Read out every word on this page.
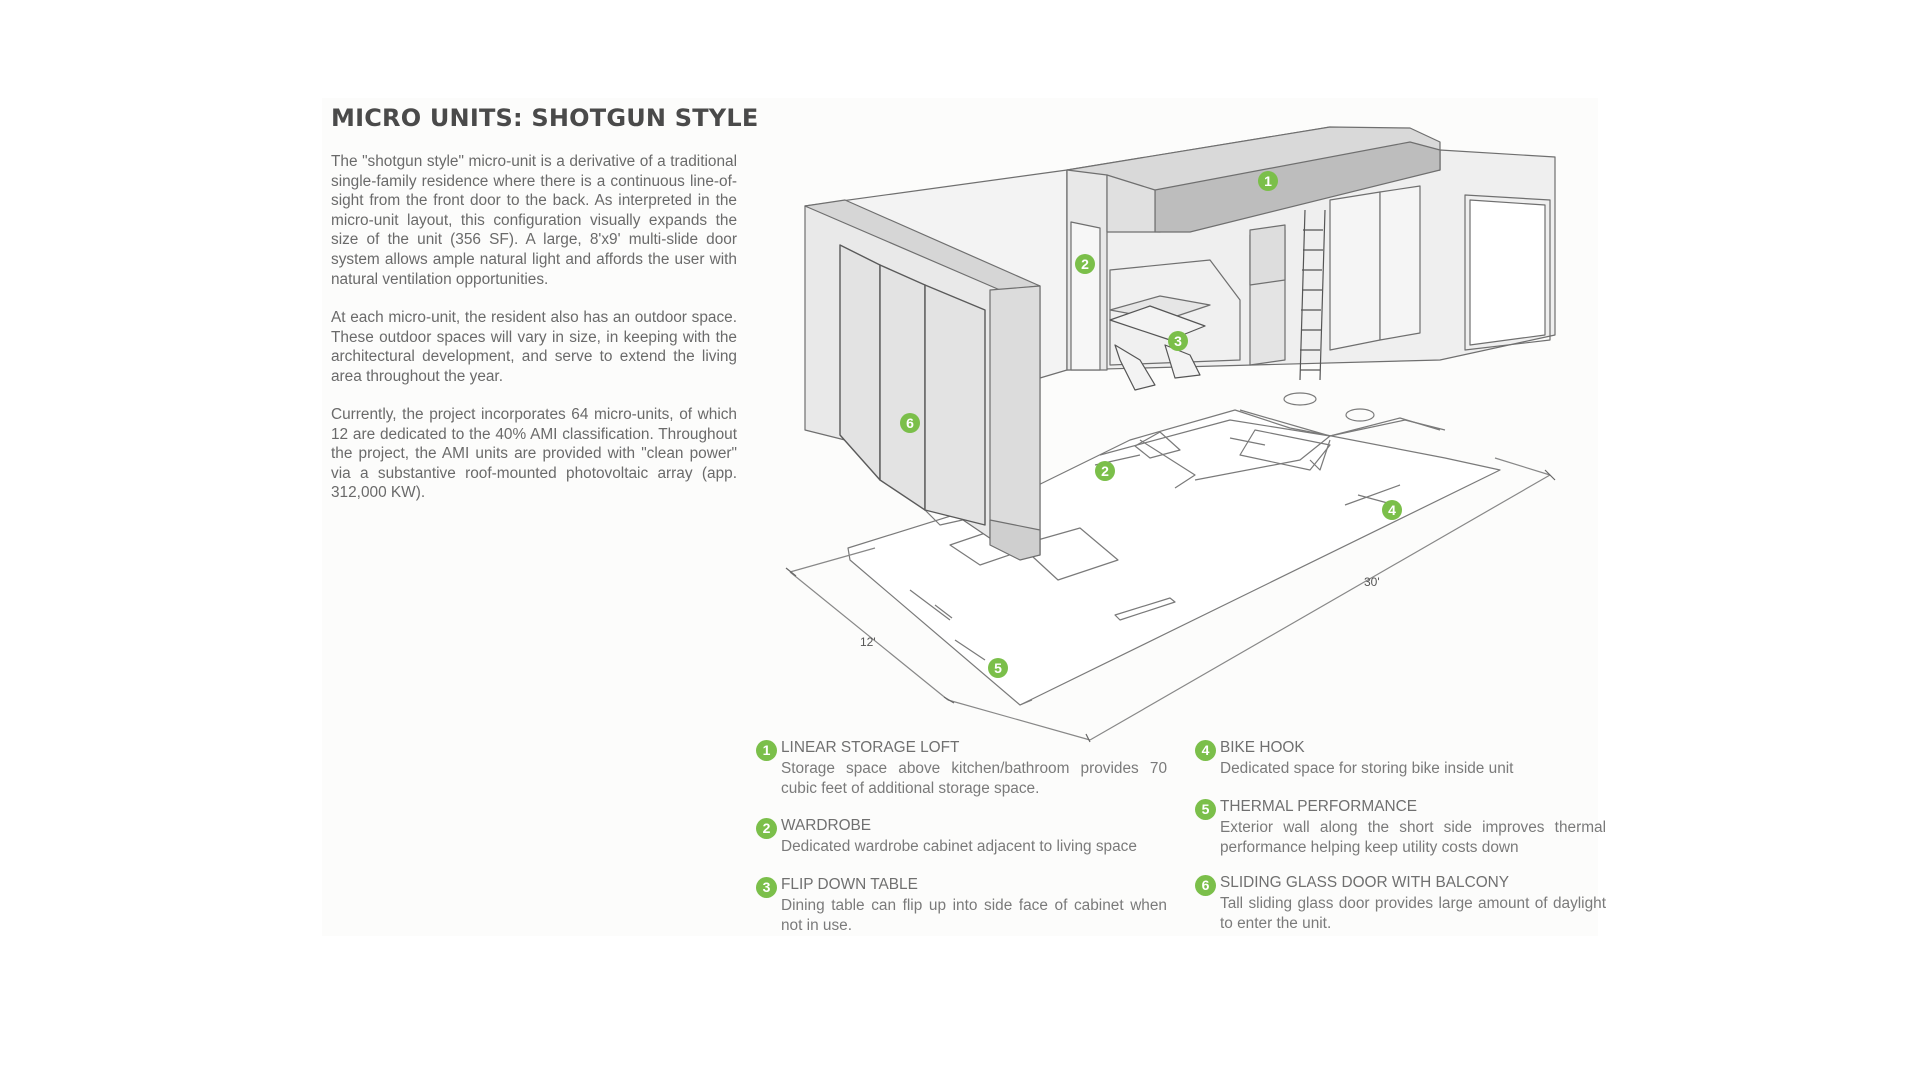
MICRO UNITS: SHOTGUN STYLE

The "shotgun style" micro-unit is a derivative of a traditional single-family residence where there is a continuous line-of-sight from the front door to the back. As interpreted in the micro-unit layout, this configuration visually expands the size of the unit (356 SF). A large, 8'x9' multi-slide door system allows ample natural light and affords the user with natural ventilation opportunities.

At each micro-unit, the resident also has an outdoor space. These outdoor spaces will vary in size, in keeping with the architectural development, and serve to extend the living area throughout the year.

Currently, the project incorporates 64 micro-units, of which 12 are dedicated to the 40% AMI classification. Throughout the project, the AMI units are provided with "clean power" via a substantive roof-mounted photovoltaic array (app. 312,000 KW).

12'
30'
1
2
3
2
4
5
6
1 LINEAR STORAGE LOFT

Storage space above kitchen/bathroom provides 70 cubic feet of additional storage space.

2 WARDROBE

Dedicated wardrobe cabinet adjacent to living space

3 FLIP DOWN TABLE

Dining table can flip up into side face of cabinet when not in use.

4 BIKE HOOK

Dedicated space for storing bike inside unit

5 THERMAL PERFORMANCE

Exterior wall along the short side improves thermal performance helping keep utility costs down

6 SLIDING GLASS DOOR WITH BALCONY

Tall sliding glass door provides large amount of daylight to enter the unit.
